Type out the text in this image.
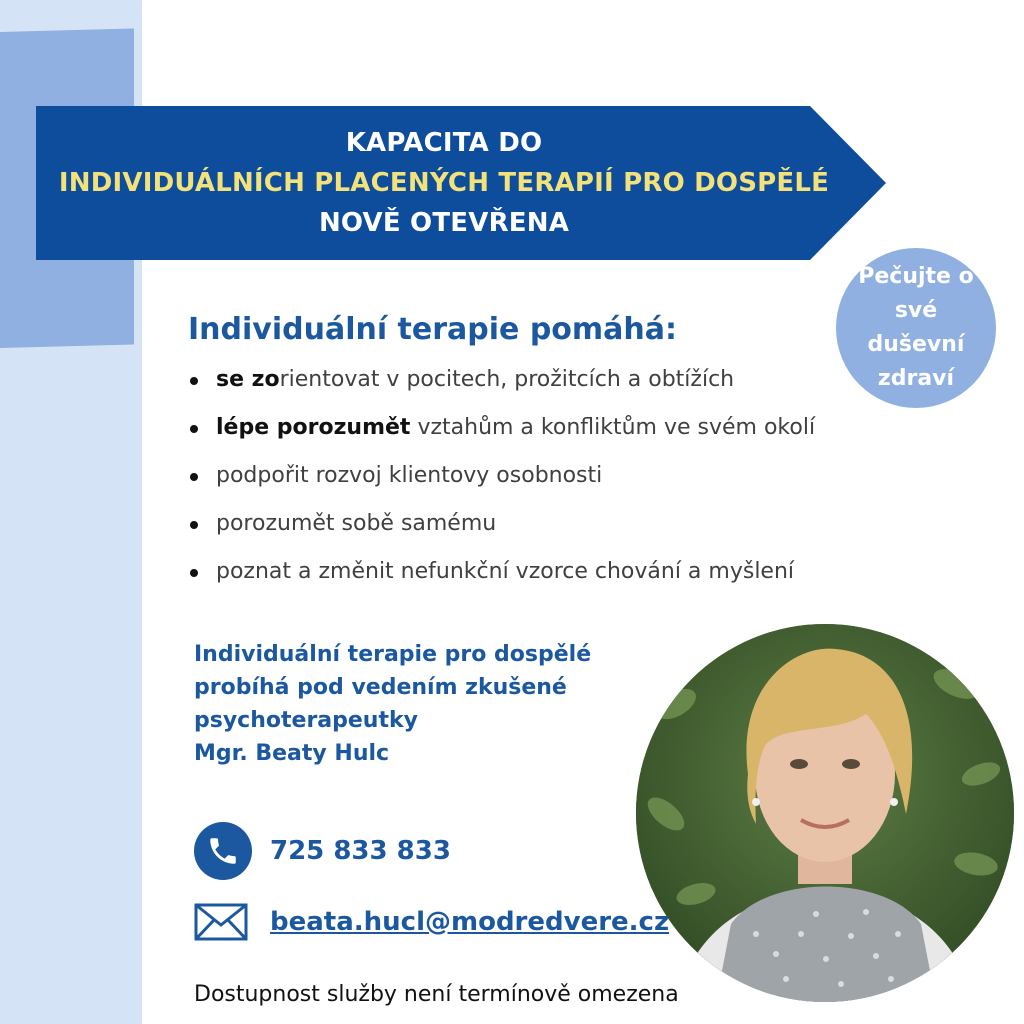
KAPACITA DO
INDIVIDUÁLNÍCH PLACENÝCH TERAPIÍ PRO DOSPĚLÉ
NOVĚ OTEVŘENA
Pečujte o
své duševní
zdraví
Individuální terapie pomáhá:
se zorientovat v pocitech, prožitcích a obtížích
lépe porozumět vztahům a konfliktům ve svém okolí
podpořit rozvoj klientovy osobnosti
porozumět sobě samému
poznat a změnit nefunkční vzorce chování a myšlení
Individuální terapie pro dospělé
probíhá pod vedením zkušené
psychoterapeutky
Mgr. Beaty Hulc
725 833 833
beata.hucl@modredvere.cz
Dostupnost služby není termínově omezena
